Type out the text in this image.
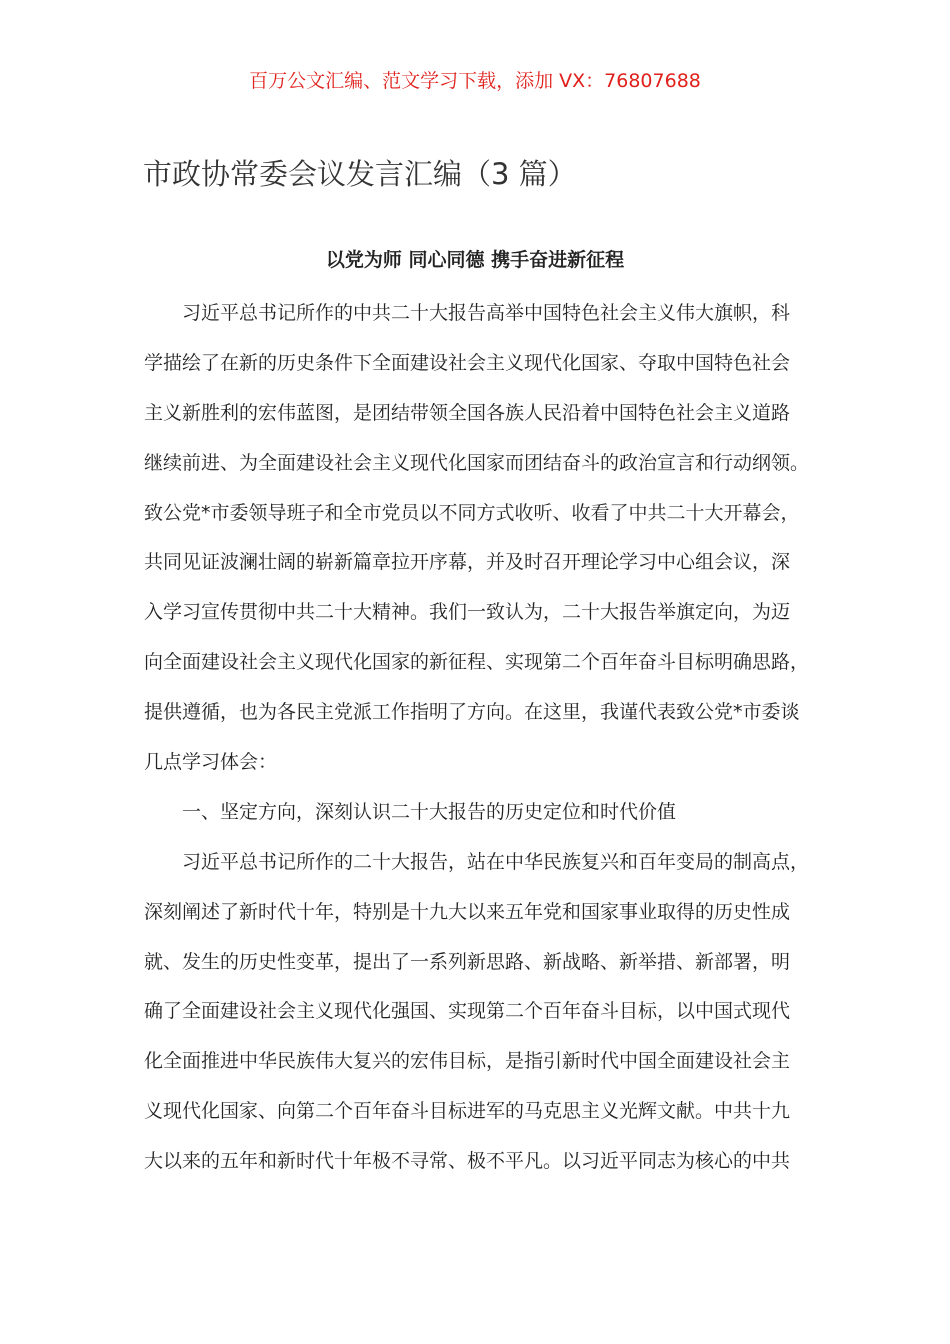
百万公文汇编、范文学习下载，添加 VX：76807688
市政协常委会议发言汇编（3 篇）
以党为师 同心同德 携手奋进新征程
习近平总书记所作的中共二十大报告高举中国特色社会主义伟大旗帜，科
学描绘了在新的历史条件下全面建设社会主义现代化国家、夺取中国特色社会
主义新胜利的宏伟蓝图，是团结带领全国各族人民沿着中国特色社会主义道路
继续前进、为全面建设社会主义现代化国家而团结奋斗的政治宣言和行动纲领。
致公党*市委领导班子和全市党员以不同方式收听、收看了中共二十大开幕会，
共同见证波澜壮阔的崭新篇章拉开序幕，并及时召开理论学习中心组会议，深
入学习宣传贯彻中共二十大精神。我们一致认为，二十大报告举旗定向，为迈
向全面建设社会主义现代化国家的新征程、实现第二个百年奋斗目标明确思路，
提供遵循，也为各民主党派工作指明了方向。在这里，我谨代表致公党*市委谈
几点学习体会：
一、坚定方向，深刻认识二十大报告的历史定位和时代价值
习近平总书记所作的二十大报告，站在中华民族复兴和百年变局的制高点，
深刻阐述了新时代十年，特别是十九大以来五年党和国家事业取得的历史性成
就、发生的历史性变革，提出了一系列新思路、新战略、新举措、新部署，明
确了全面建设社会主义现代化强国、实现第二个百年奋斗目标，以中国式现代
化全面推进中华民族伟大复兴的宏伟目标，是指引新时代中国全面建设社会主
义现代化国家、向第二个百年奋斗目标进军的马克思主义光辉文献。中共十九
大以来的五年和新时代十年极不寻常、极不平凡。以习近平同志为核心的中共
